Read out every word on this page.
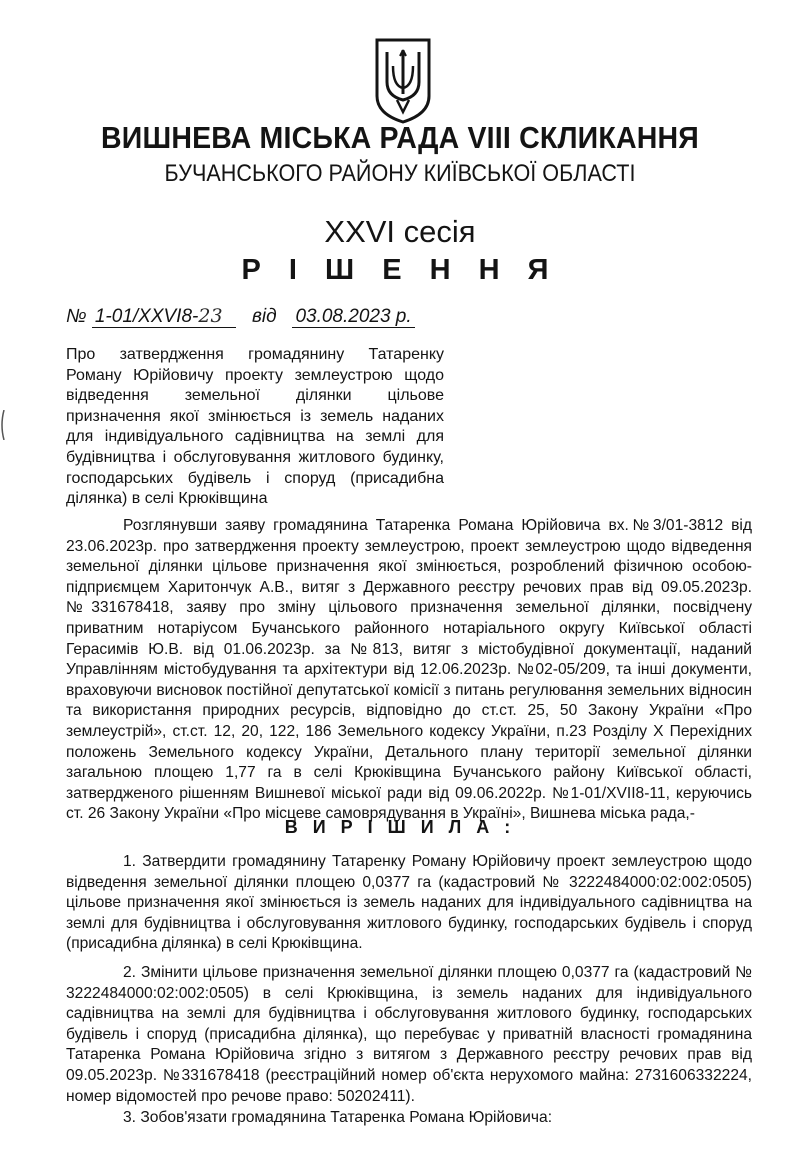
ВИШНЕВА МІСЬКА РАДА VIII СКЛИКАННЯ
БУЧАНСЬКОГО РАЙОНУ КИЇВСЬКОЇ ОБЛАСТІ
XXVI сесія
Р І Ш Е Н Н Я
№ 1-01/XXVI8-23 від 03.08.2023 р.
Про затвердження громадянину Татаренку Роману Юрійовичу проекту землеустрою щодо відведення земельної ділянки цільове призначення якої змінюється із земель наданих для індивідуального садівництва на землі для будівництва і обслуговування житлового будинку, господарських будівель і споруд (присадибна ділянка) в селі Крюківщина
Розглянувши заяву громадянина Татаренка Романа Юрійовича вх.№3/01-3812 від 23.06.2023р. про затвердження проекту землеустрою, проект землеустрою щодо відведення земельної ділянки цільове призначення якої змінюється, розроблений фізичною особою-підприємцем Харитончук А.В., витяг з Державного реєстру речових прав від 09.05.2023р. №331678418, заяву про зміну цільового призначення земельної ділянки, посвідчену приватним нотаріусом Бучанського районного нотаріального округу Київської області Герасимів Ю.В. від 01.06.2023р. за №813, витяг з містобудівної документації, наданий Управлінням містобудування та архітектури від 12.06.2023р. №02-05/209, та інші документи, враховуючи висновок постійної депутатської комісії з питань регулювання земельних відносин та використання природних ресурсів, відповідно до ст.ст. 25, 50 Закону України «Про землеустрій», ст.ст. 12, 20, 122, 186 Земельного кодексу України, п.23 Розділу Х Перехідних положень Земельного кодексу України, Детального плану території земельної ділянки загальною площею 1,77 га в селі Крюківщина Бучанського району Київської області, затвердженого рішенням Вишневої міської ради від 09.06.2022р. №1-01/XVII8-11, керуючись ст. 26 Закону України «Про місцеве самоврядування в Україні», Вишнева міська рада,-
В И Р І Ш И Л А :
1. Затвердити громадянину Татаренку Роману Юрійовичу проект землеустрою щодо відведення земельної ділянки площею 0,0377 га (кадастровий № 3222484000:02:002:0505) цільове призначення якої змінюється із земель наданих для індивідуального садівництва на землі для будівництва і обслуговування житлового будинку, господарських будівель і споруд (присадибна ділянка) в селі Крюківщина.
2. Змінити цільове призначення земельної ділянки площею 0,0377 га (кадастровий № 3222484000:02:002:0505) в селі Крюківщина, із земель наданих для індивідуального садівництва на землі для будівництва і обслуговування житлового будинку, господарських будівель і споруд (присадибна ділянка), що перебуває у приватній власності громадянина Татаренка Романа Юрійовича згідно з витягом з Державного реєстру речових прав від 09.05.2023р. №331678418 (реєстраційний номер об'єкта нерухомого майна: 2731606332224, номер відомостей про речове право: 50202411).
3. Зобов'язати громадянина Татаренка Романа Юрійовича:
